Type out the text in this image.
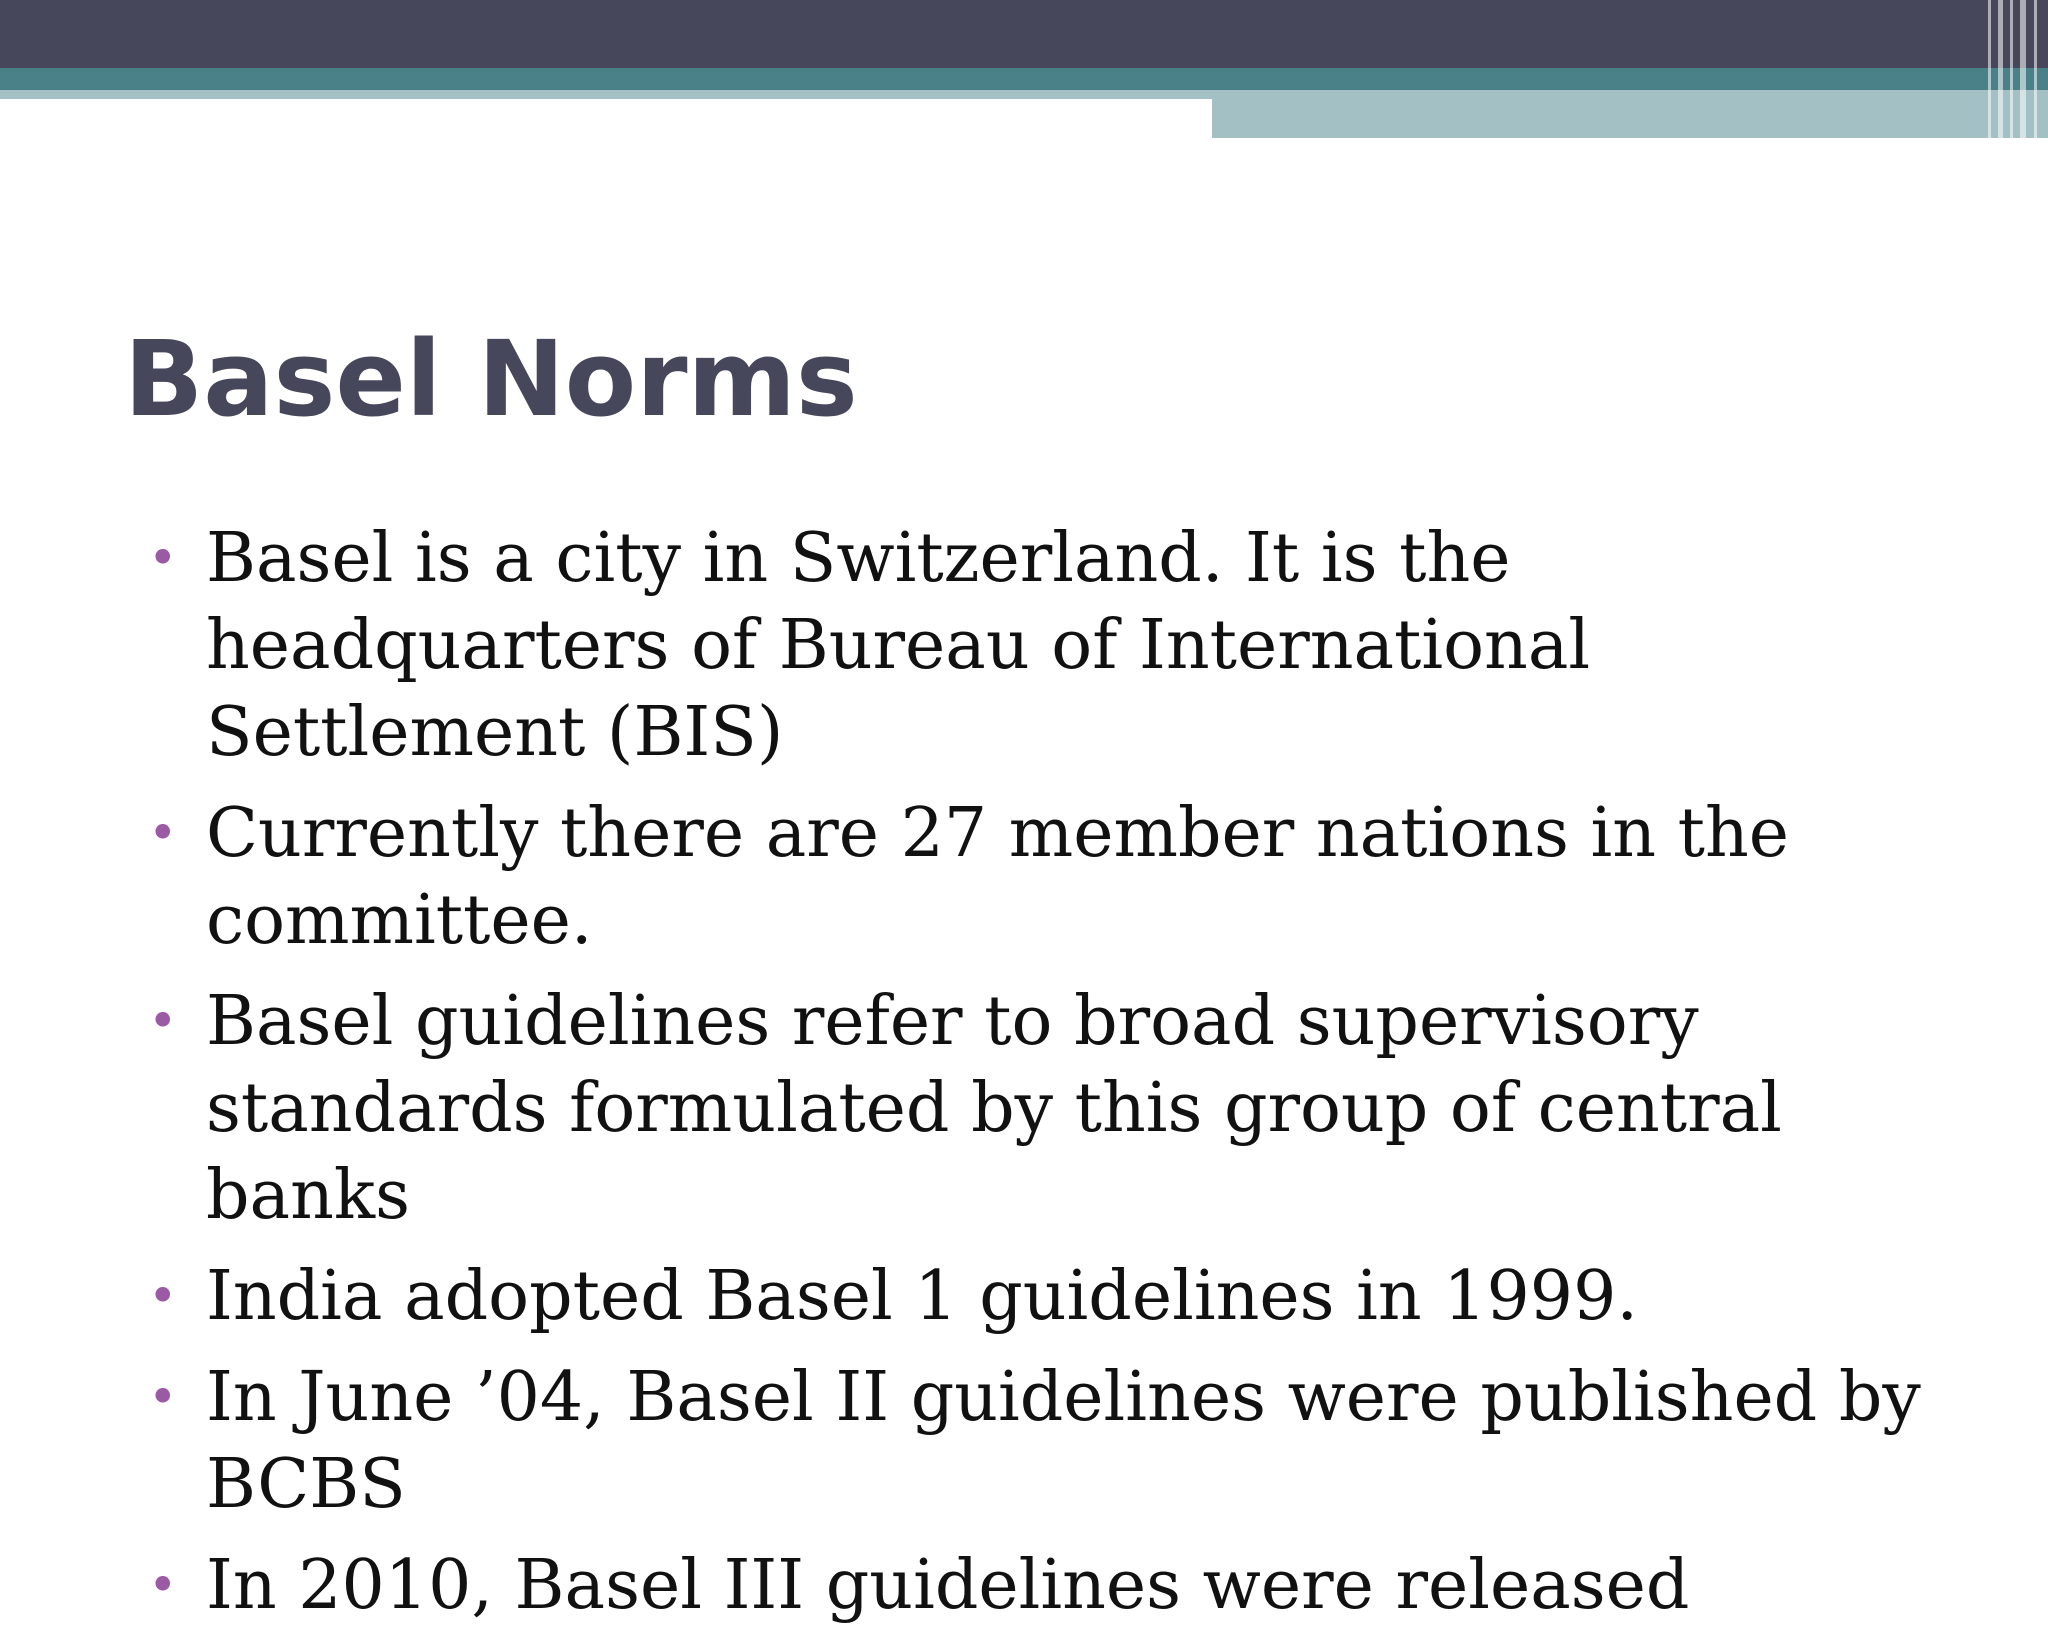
Basel Norms
• Basel is a city in Switzerland. It is the headquarters of Bureau of International Settlement (BIS)
• Currently there are 27 member nations in the committee.
• Basel guidelines refer to broad supervisory standards formulated by this group of central banks
• India adopted Basel 1 guidelines in 1999.
• In June ’04, Basel II guidelines were published by BCBS
• In 2010, Basel III guidelines were released
